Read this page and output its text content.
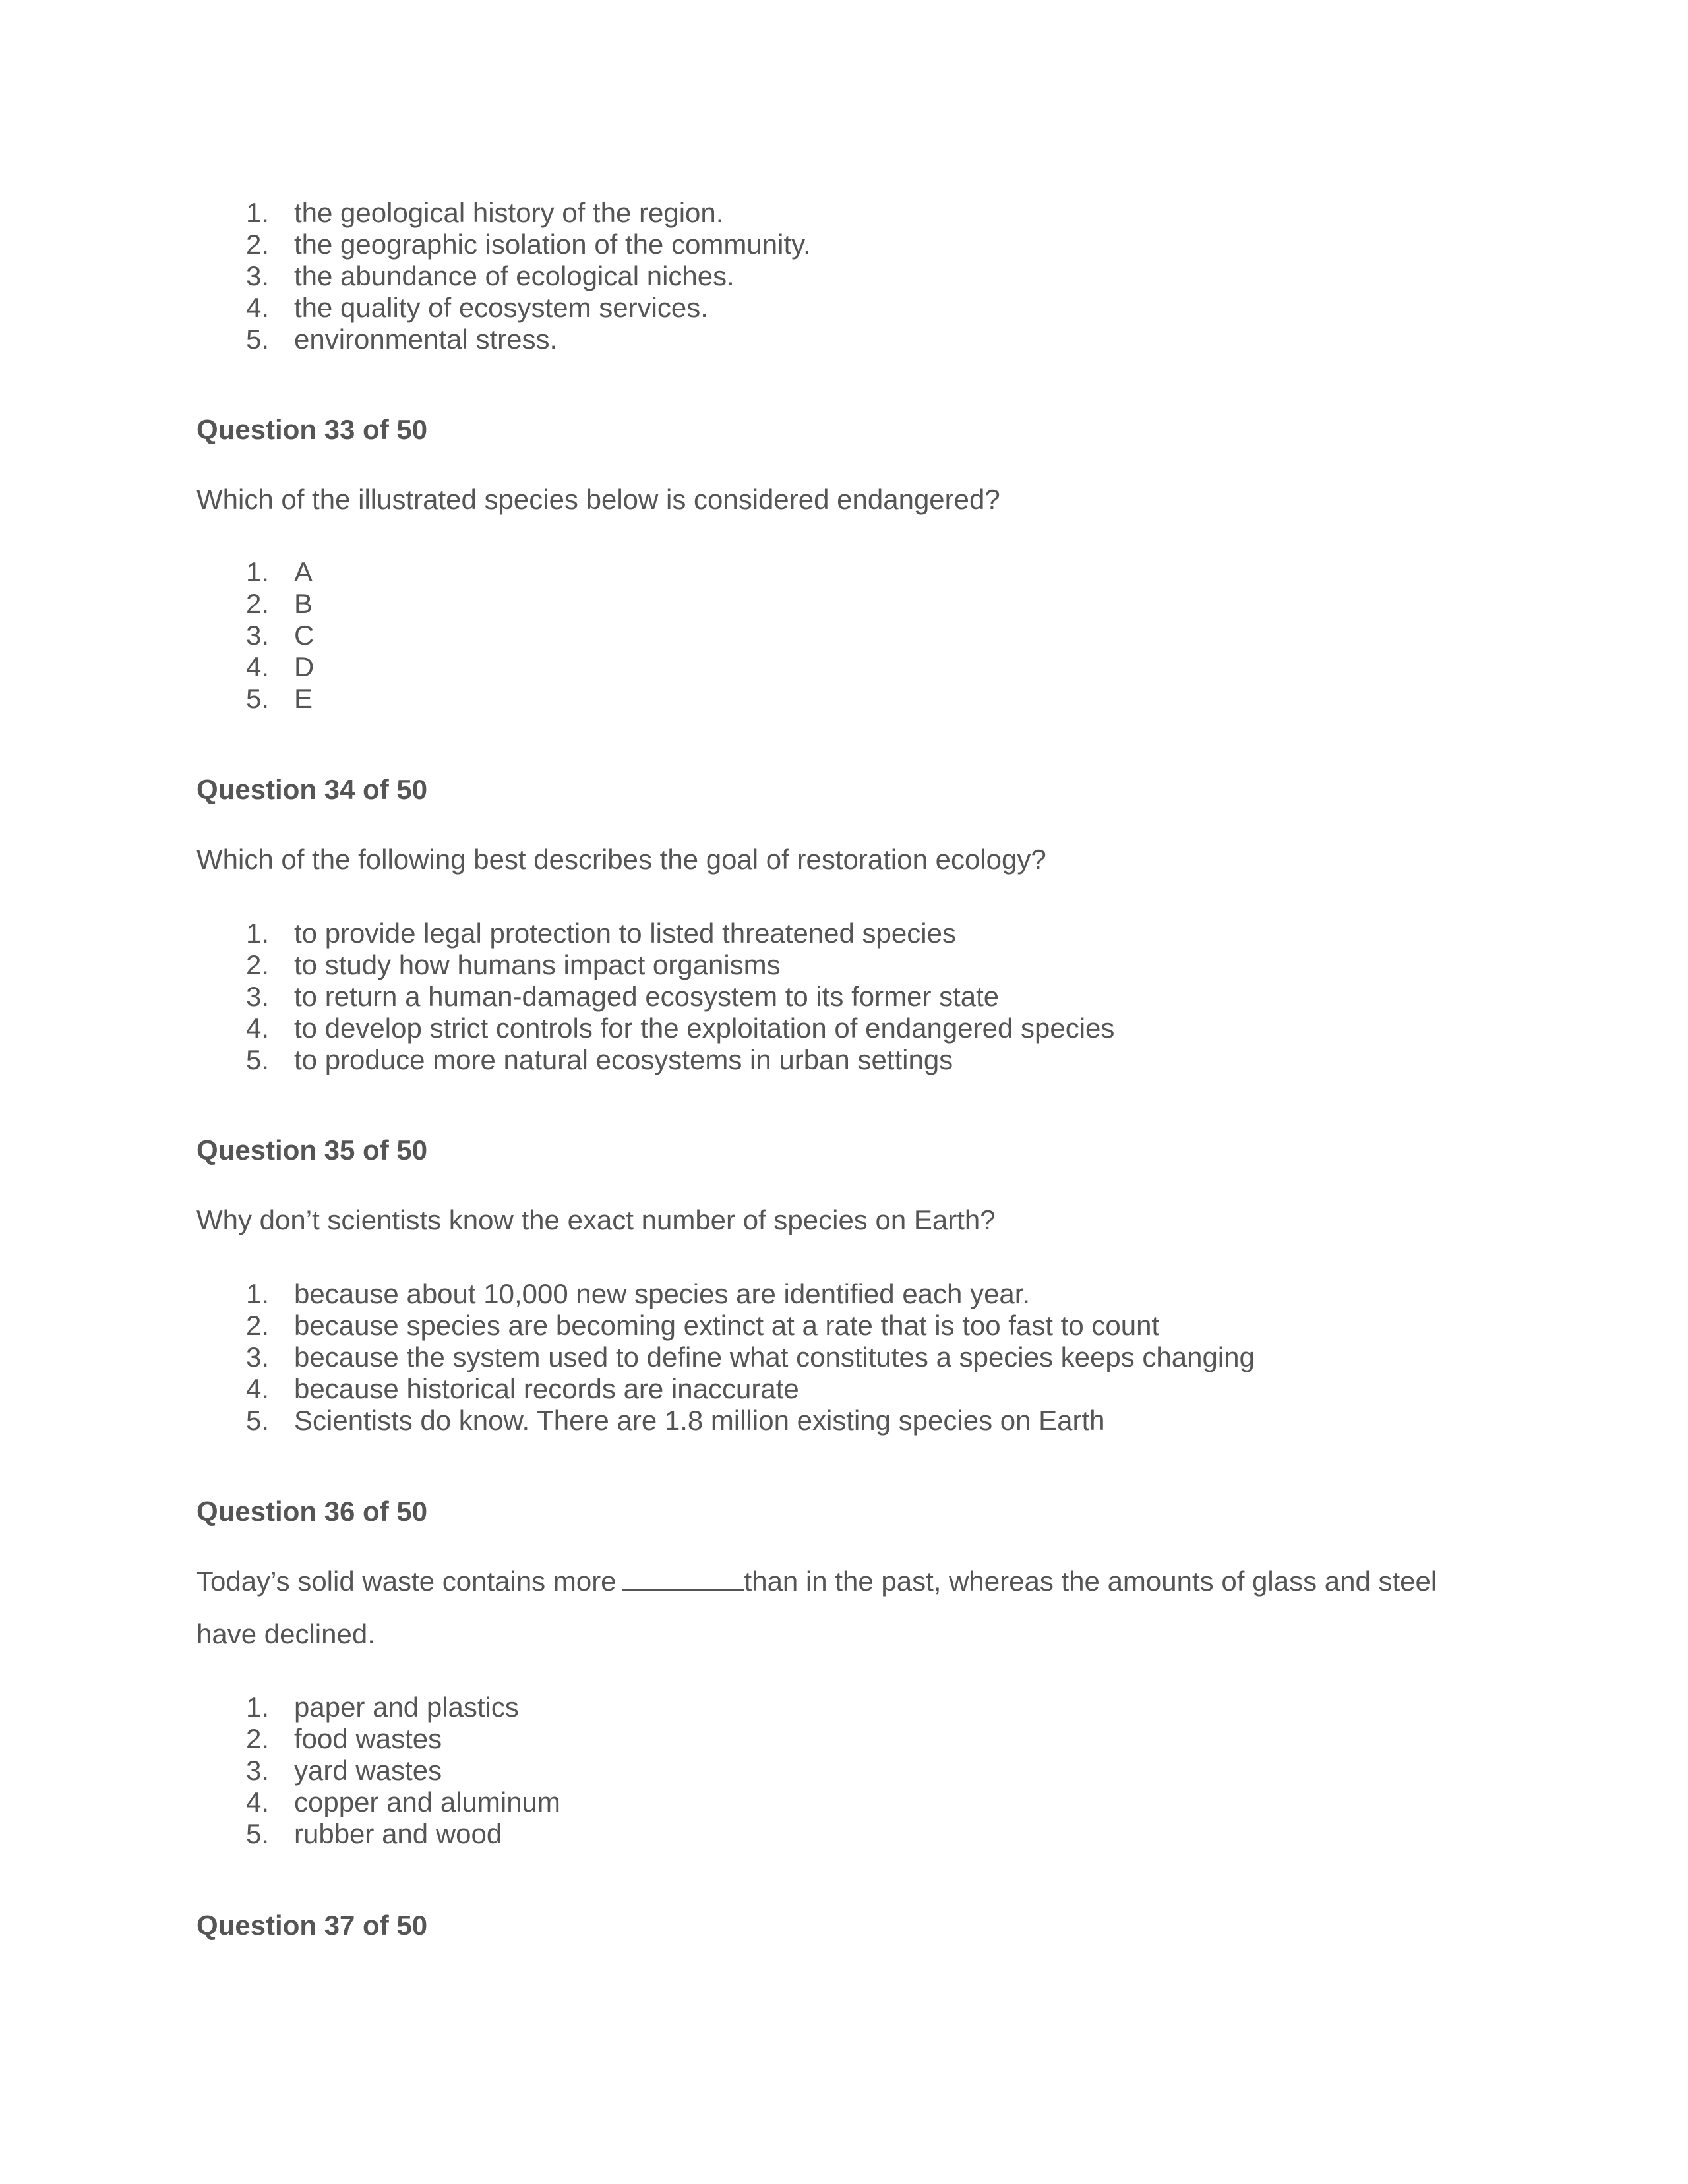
1. the geological history of the region.
2. the geographic isolation of the community.
3. the abundance of ecological niches.
4. the quality of ecosystem services.
5. environmental stress.

Question 33 of 50

Which of the illustrated species below is considered endangered?

1. A
2. B
3. C
4. D
5. E

Question 34 of 50

Which of the following best describes the goal of restoration ecology?

1. to provide legal protection to listed threatened species
2. to study how humans impact organisms
3. to return a human-damaged ecosystem to its former state
4. to develop strict controls for the exploitation of endangered species
5. to produce more natural ecosystems in urban settings

Question 35 of 50

Why don’t scientists know the exact number of species on Earth?

1. because about 10,000 new species are identified each year.
2. because species are becoming extinct at a rate that is too fast to count
3. because the system used to define what constitutes a species keeps changing
4. because historical records are inaccurate
5. Scientists do know. There are 1.8 million existing species on Earth

Question 36 of 50

Today’s solid waste contains more	than in the past, whereas the amounts of glass and steel
have declined.

1. paper and plastics
2. food wastes
3. yard wastes
4. copper and aluminum
5. rubber and wood

Question 37 of 50
